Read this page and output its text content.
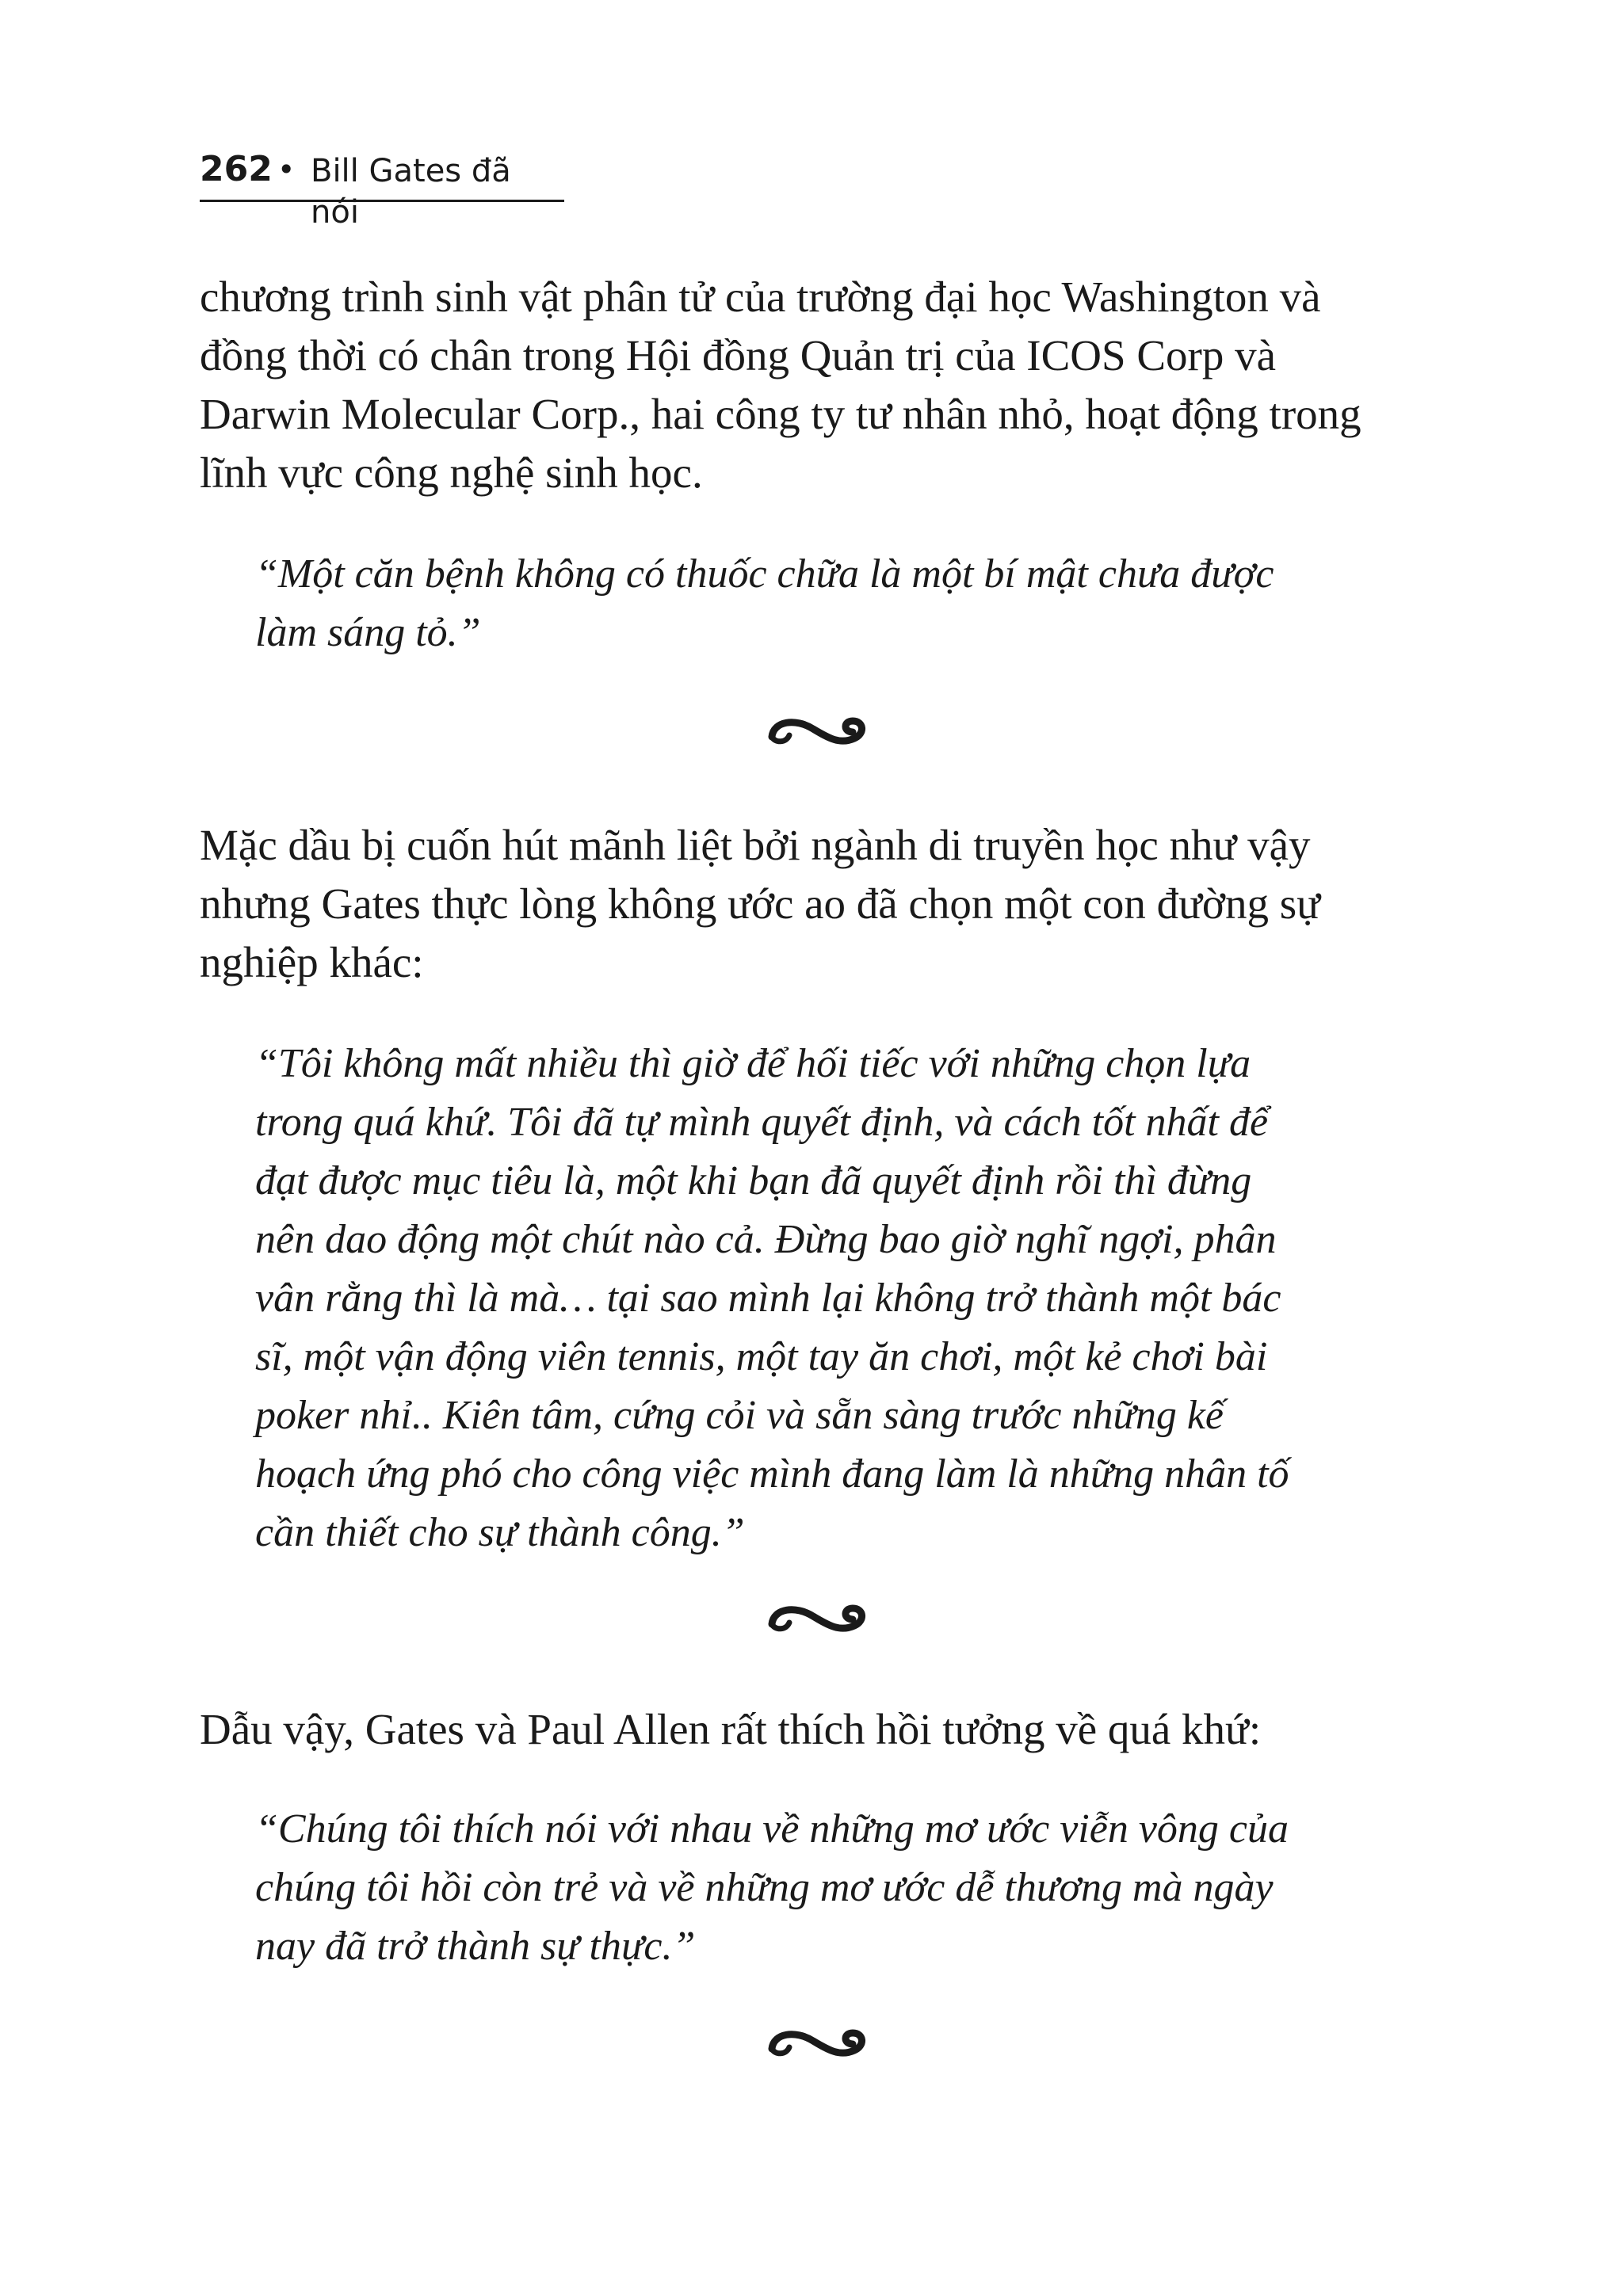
262 • Bill Gates đã nói

chương trình sinh vật phân tử của trường đại học Washington và
đồng thời có chân trong Hội đồng Quản trị của ICOS Corp và
Darwin Molecular Corp., hai công ty tư nhân nhỏ, hoạt động trong
lĩnh vực công nghệ sinh học.

“Một căn bệnh không có thuốc chữa là một bí mật chưa được
làm sáng tỏ.”

Mặc dầu bị cuốn hút mãnh liệt bởi ngành di truyền học như vậy
nhưng Gates thực lòng không ước ao đã chọn một con đường sự
nghiệp khác:

“Tôi không mất nhiều thì giờ để hối tiếc với những chọn lựa
trong quá khứ. Tôi đã tự mình quyết định, và cách tốt nhất để
đạt được mục tiêu là, một khi bạn đã quyết định rồi thì đừng
nên dao động một chút nào cả. Đừng bao giờ nghĩ ngợi, phân
vân rằng thì là mà… tại sao mình lại không trở thành một bác
sĩ, một vận động viên tennis, một tay ăn chơi, một kẻ chơi bài
poker nhỉ.. Kiên tâm, cứng cỏi và sẵn sàng trước những kế
hoạch ứng phó cho công việc mình đang làm là những nhân tố
cần thiết cho sự thành công.”

Dẫu vậy, Gates và Paul Allen rất thích hồi tưởng về quá khứ:

“Chúng tôi thích nói với nhau về những mơ ước viễn vông của
chúng tôi hồi còn trẻ và về những mơ ước dễ thương mà ngày
nay đã trở thành sự thực.”
